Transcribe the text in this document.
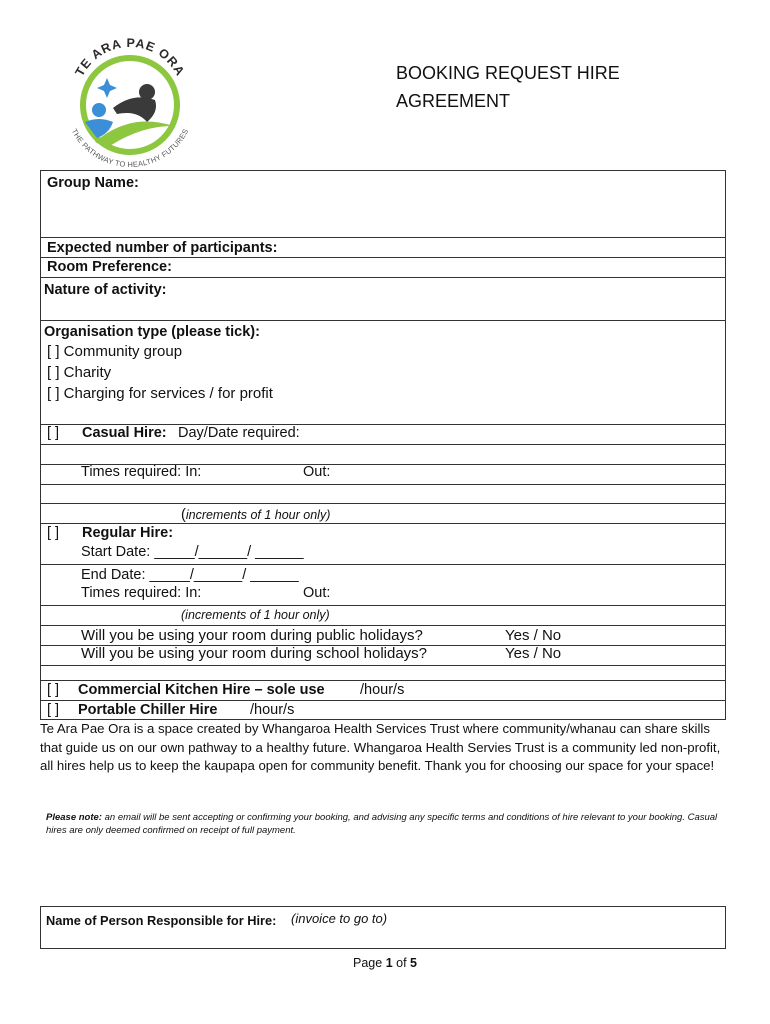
TE ARA PAE ORA
THE PATHWAY TO HEALTHY FUTURES
BOOKING REQUEST HIRE
AGREEMENT
Group Name:
Expected number of participants:
Room Preference:
Nature of activity:
Organisation type (please tick):
[ ] Community group
[ ] Charity
[ ] Charging for services / for profit
[ ] Casual Hire: Day/Date required:
Times required: In:	Out:
(increments of 1 hour only)
[ ] Regular Hire:
Start Date: _____/______/ ______
End Date: _____/______/ ______
Times required: In:	Out:
(increments of 1 hour only)
Will you be using your room during public holidays?	Yes / No
Will you be using your room during school holidays?	Yes / No
[ ] Commercial Kitchen Hire – sole use /hour/s
[ ] Portable Chiller Hire /hour/s
Te Ara Pae Ora is a space created by Whangaroa Health Services Trust where community/whanau can share skills that guide us on our own pathway to a healthy future. Whangaroa Health Servies Trust is a community led non-profit, all hires help us to keep the kaupapa open for community benefit. Thank you for choosing our space for your space!
Please note: an email will be sent accepting or confirming your booking, and advising any specific terms and conditions of hire relevant to your booking. Casual hires are only deemed confirmed on receipt of full payment.
Name of Person Responsible for Hire: (invoice to go to)
Page 1 of 5
